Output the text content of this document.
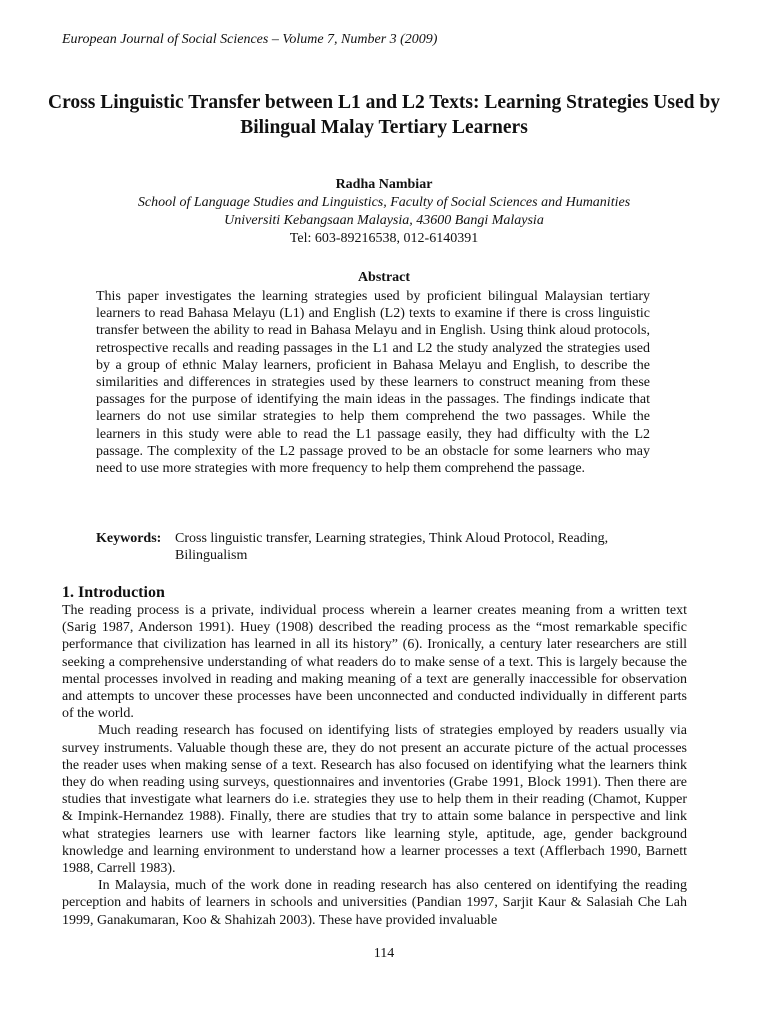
European Journal of Social Sciences – Volume 7, Number 3 (2009)
Cross Linguistic Transfer between L1 and L2 Texts: Learning Strategies Used by Bilingual Malay Tertiary Learners
Radha Nambiar
School of Language Studies and Linguistics, Faculty of Social Sciences and Humanities
Universiti Kebangsaan Malaysia, 43600 Bangi Malaysia
Tel: 603-89216538, 012-6140391
Abstract
This paper investigates the learning strategies used by proficient bilingual Malaysian tertiary learners to read Bahasa Melayu (L1) and English (L2) texts to examine if there is cross linguistic transfer between the ability to read in Bahasa Melayu and in English. Using think aloud protocols, retrospective recalls and reading passages in the L1 and L2 the study analyzed the strategies used by a group of ethnic Malay learners, proficient in Bahasa Melayu and English, to describe the similarities and differences in strategies used by these learners to construct meaning from these passages for the purpose of identifying the main ideas in the passages. The findings indicate that learners do not use similar strategies to help them comprehend the two passages. While the learners in this study were able to read the L1 passage easily, they had difficulty with the L2 passage. The complexity of the L2 passage proved to be an obstacle for some learners who may need to use more strategies with more frequency to help them comprehend the passage.
Keywords: Cross linguistic transfer, Learning strategies, Think Aloud Protocol, Reading, Bilingualism
1. Introduction

The reading process is a private, individual process wherein a learner creates meaning from a written text (Sarig 1987, Anderson 1991). Huey (1908) described the reading process as the “most remarkable specific performance that civilization has learned in all its history” (6). Ironically, a century later researchers are still seeking a comprehensive understanding of what readers do to make sense of a text. This is largely because the mental processes involved in reading and making meaning of a text are generally inaccessible for observation and attempts to uncover these processes have been unconnected and conducted individually in different parts of the world.

Much reading research has focused on identifying lists of strategies employed by readers usually via survey instruments. Valuable though these are, they do not present an accurate picture of the actual processes the reader uses when making sense of a text. Research has also focused on identifying what the learners think they do when reading using surveys, questionnaires and inventories (Grabe 1991, Block 1991). Then there are studies that investigate what learners do i.e. strategies they use to help them in their reading (Chamot, Kupper & Impink-Hernandez 1988). Finally, there are studies that try to attain some balance in perspective and link what strategies learners use with learner factors like learning style, aptitude, age, gender background knowledge and learning environment to understand how a learner processes a text (Afflerbach 1990, Barnett 1988, Carrell 1983).

In Malaysia, much of the work done in reading research has also centered on identifying the reading perception and habits of learners in schools and universities (Pandian 1997, Sarjit Kaur & Salasiah Che Lah 1999, Ganakumaran, Koo & Shahizah 2003). These have provided invaluable

114
